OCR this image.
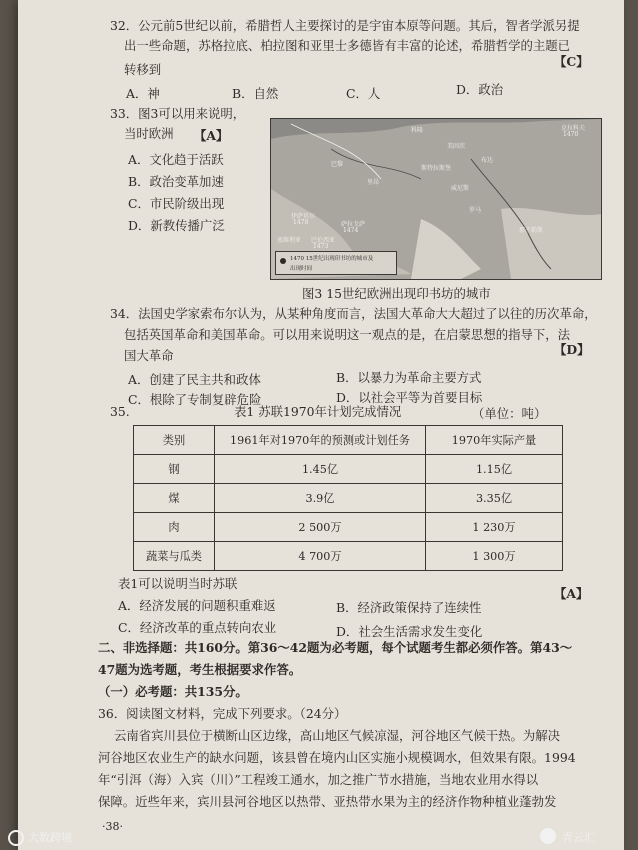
32．公元前5世纪以前，希腊哲人主要探讨的是宇宙本原等问题。其后，智者学派另提
出一些命题，苏格拉底、柏拉图和亚里士多德皆有丰富的论述，希腊哲学的主题已
【C】
转移到
A．神	B．自然	C．人	D．政治
33．图3可以用来说明，
当时欧洲 【A】
A．文化趋于活跃
B．政治变革加速
C．市民阶级出现
D．新教传播广泛
科隆
美因茨
克拉科夫
1470
巴黎
里昂
斯特拉斯堡
布达
威尼斯
罗马
那不勒斯
伊萨贝尔
1478
巴伦西亚
1473
塞维利亚
萨拉戈萨
1474
1470 15世纪出现印书坊的城市及
出现时间
图3 15世纪欧洲出现印书坊的城市
34．法国史学家索布尔认为，从某种角度而言，法国大革命大大超过了以往的历次革命，
包括英国革命和美国革命。可以用来说明这一观点的是，在启蒙思想的指导下，法
国大革命	【D】
A．创建了民主共和政体	B．以暴力为革命主要方式
C．根除了专制复辟危险	D．以社会平等为首要目标
35.	表1 苏联1970年计划完成情况	（单位：吨）
类别	1961年对1970年的预测或计划任务	1970年实际产量
钢	1.45亿	1.15亿
煤	3.9亿	3.35亿
肉	2 500万	1 230万
蔬菜与瓜类	4 700万	1 300万
表1可以说明当时苏联
【A】
A．经济发展的问题积重难返	B．经济政策保持了连续性
C．经济改革的重点转向农业	D．社会生活需求发生变化
二、非选择题：共160分。第36～42题为必考题，每个试题考生都必须作答。第43～
47题为选考题，考生根据要求作答。
（一）必考题：共135分。
36．阅读图文材料，完成下列要求。（24分）
云南省宾川县位于横断山区边缘，高山地区气候凉湿，河谷地区气候干热。为解决
河谷地区农业生产的缺水问题，该县曾在境内山区实施小规模调水，但效果有限。1994
年“引洱（海）入宾（川）”工程竣工通水，加之推广节水措施，当地农业用水得以
保障。近些年来，宾川县河谷地区以热带、亚热带水果为主的经济作物种植业蓬勃发
·38·
大数跨境	青云汇
